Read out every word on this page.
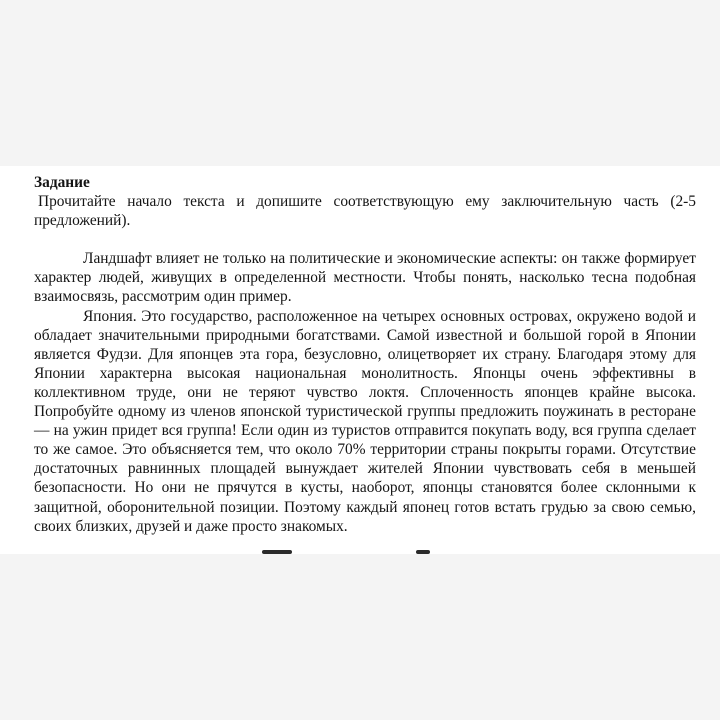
Задание

Прочитайте начало текста и допишите соответствующую ему заключительную часть (2-5 предложений).

Ландшафт влияет не только на политические и экономические аспекты: он также формирует характер людей, живущих в определенной местности. Чтобы понять, насколько тесна подобная взаимосвязь, рассмотрим один пример.

Япония. Это государство, расположенное на четырех основных островах, окружено водой и обладает значительными природными богатствами. Самой известной и большой горой в Японии является Фудзи. Для японцев эта гора, безусловно, олицетворяет их страну. Благодаря этому для Японии характерна высокая национальная монолитность. Японцы очень эффективны в коллективном труде, они не теряют чувство локтя. Сплоченность японцев крайне высока. Попробуйте одному из членов японской туристической группы предложить поужинать в ресторане — на ужин придет вся группа! Если один из туристов отправится покупать воду, вся группа сделает то же самое. Это объясняется тем, что около 70% территории страны покрыты горами. Отсутствие достаточных равнинных площадей вынуждает жителей Японии чувствовать себя в меньшей безопасности. Но они не прячутся в кусты, наоборот, японцы становятся более склонными к защитной, оборонительной позиции. Поэтому каждый японец готов встать грудью за свою семью, своих близких, друзей и даже просто знакомых.
